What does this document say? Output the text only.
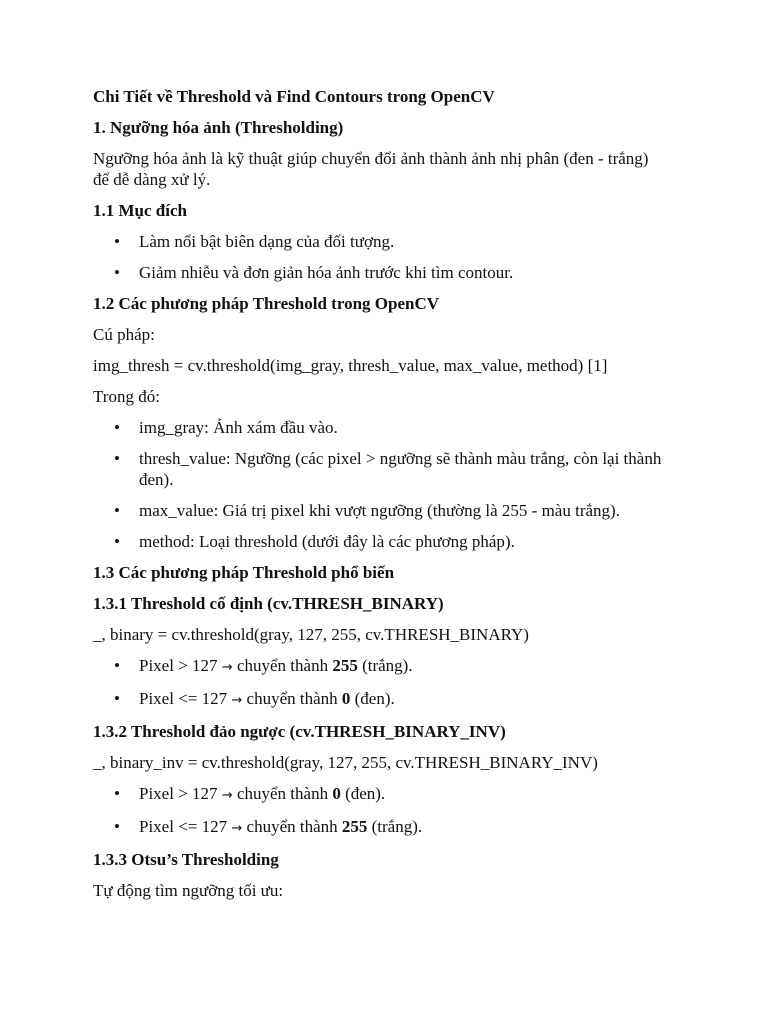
Chi Tiết về Threshold và Find Contours trong OpenCV

1. Ngưỡng hóa ảnh (Thresholding)

Ngưỡng hóa ảnh là kỹ thuật giúp chuyển đổi ảnh thành ảnh nhị phân (đen - trắng) để dễ dàng xử lý.

1.1 Mục đích

• Làm nổi bật biên dạng của đối tượng.
• Giảm nhiễu và đơn giản hóa ảnh trước khi tìm contour.

1.2 Các phương pháp Threshold trong OpenCV

Cú pháp:

img_thresh = cv.threshold(img_gray, thresh_value, max_value, method) [1]

Trong đó:

• img_gray: Ảnh xám đầu vào.
• thresh_value: Ngưỡng (các pixel > ngưỡng sẽ thành màu trắng, còn lại thành đen).
• max_value: Giá trị pixel khi vượt ngưỡng (thường là 255 - màu trắng).
• method: Loại threshold (dưới đây là các phương pháp).

1.3 Các phương pháp Threshold phổ biến

1.3.1 Threshold cố định (cv.THRESH_BINARY)

_, binary = cv.threshold(gray, 127, 255, cv.THRESH_BINARY)

• Pixel > 127 → chuyển thành 255 (trắng).
• Pixel <= 127 → chuyển thành 0 (đen).

1.3.2 Threshold đảo ngược (cv.THRESH_BINARY_INV)

_, binary_inv = cv.threshold(gray, 127, 255, cv.THRESH_BINARY_INV)

• Pixel > 127 → chuyển thành 0 (đen).
• Pixel <= 127 → chuyển thành 255 (trắng).

1.3.3 Otsu’s Thresholding

Tự động tìm ngưỡng tối ưu:
